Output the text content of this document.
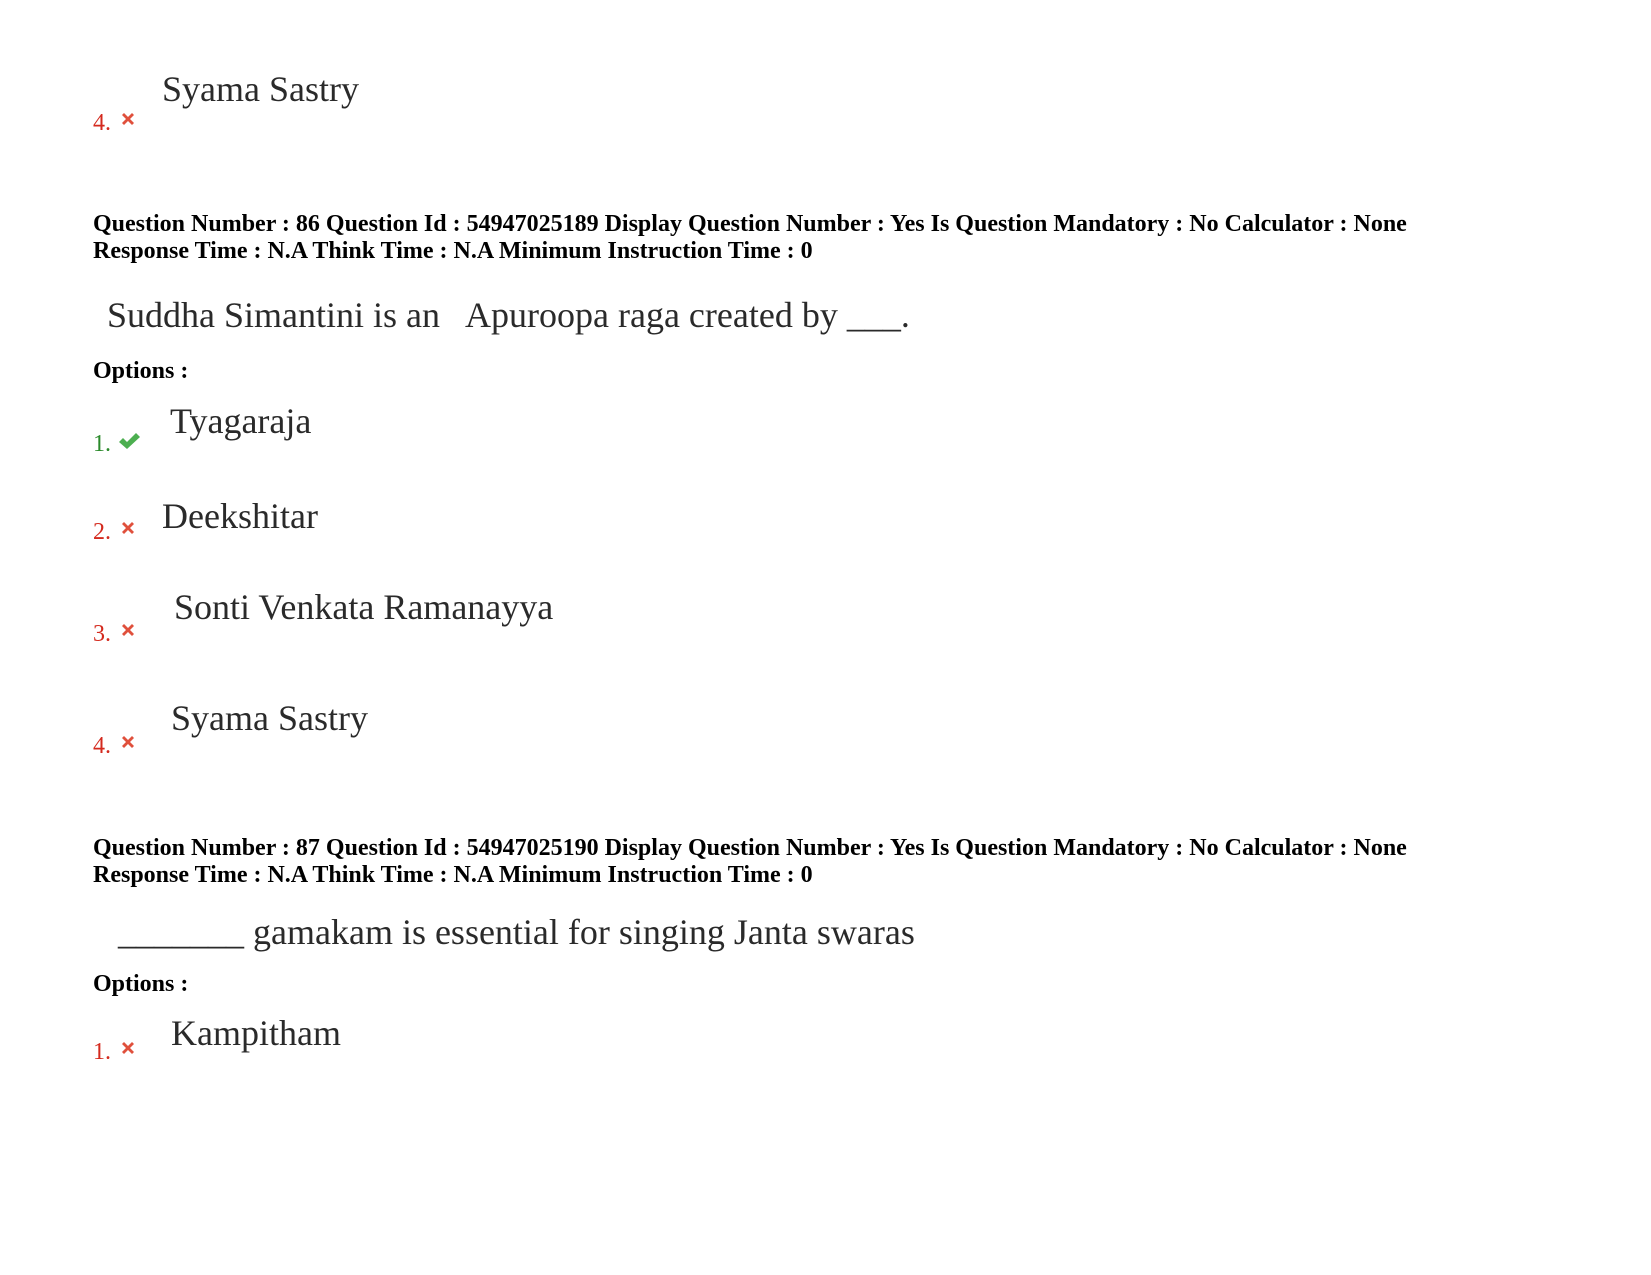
Syama Sastry
4.
Question Number : 86 Question Id : 54947025189 Display Question Number : Yes Is Question Mandatory : No Calculator : None
Response Time : N.A Think Time : N.A Minimum Instruction Time : 0
Suddha Simantini is an   Apuroopa raga created by ___.
Options :
Tyagaraja
1.
Deekshitar
2.
Sonti Venkata Ramanayya
3.
Syama Sastry
4.
Question Number : 87 Question Id : 54947025190 Display Question Number : Yes Is Question Mandatory : No Calculator : None
Response Time : N.A Think Time : N.A Minimum Instruction Time : 0
_______ gamakam is essential for singing Janta swaras
Options :
Kampitham
1.
